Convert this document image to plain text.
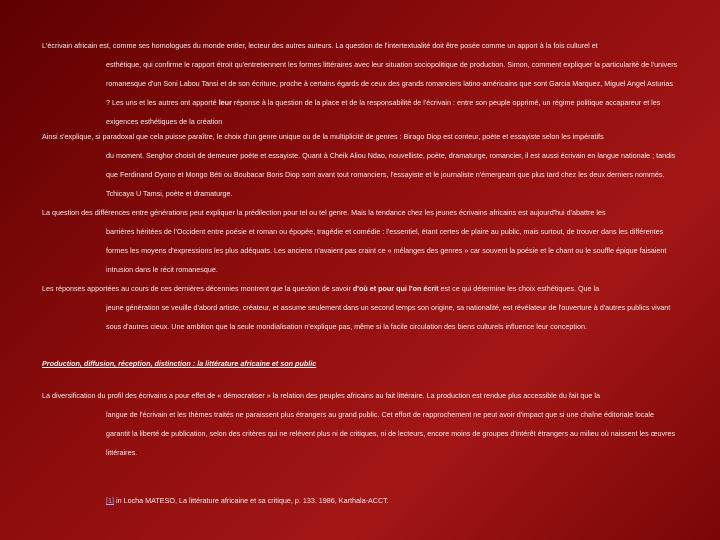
L'écrivain africain est, comme ses homologues du monde entier, lecteur des autres auteurs. La question de l'intertextualité doit être posée comme un apport à la fois culturel et
esthétique, qui confirme le rapport étroit qu'entretiennent les formes littéraires avec leur situation sociopolitique de production. Simon, comment expliquer la particularité de l'univers romanesque d'un Soni Labou Tansi et de son écriture, proche à certains égards de ceux des grands romanciers latino-américains que sont Garcia Marquez, Miguel Angel Asturias ? Les uns et les autres ont apporté leur réponse à la question de la place et de la responsabilité de l'écrivain : entre son peuple opprimé, un régime politique accapareur et les exigences esthétiques de la création

Ainsi s'explique, si paradoxal que cela puisse paraître, le choix d'un genre unique ou de la multiplicité de genres : Birago Diop est conteur, poète et essayiste selon les impératifs
du moment. Senghor choisit de demeurer poète et essayiste. Quant à Cheik Aliou Ndao, nouvelliste, poète, dramaturge, romancier, il est aussi écrivain en langue nationale ; tandis que Ferdinand Oyono et Mongo Béti ou Boubacar Boris Diop sont avant tout romanciers, l'essayiste et le journaliste n'émergeant que plus tard chez les deux derniers nommés. Tchicaya U Tamsi, poète et dramaturge.

La question des différences entre générations peut expliquer la prédilection pour tel ou tel genre. Mais la tendance chez les jeunes écrivains africains est aujourd'hui d'abattre les
barrières héritées de l'Occident entre poésie et roman ou épopée, tragédie et comédie : l'essentiel, étant certes de plaire au public, mais surtout, de trouver dans les différentes formes les moyens d'expressions les plus adéquats. Les anciens n'avaient pas craint ce « mélanges des genres » car souvent la poésie et le chant ou le souffle épique faisaient intrusion dans le récit romanesque.

Les réponses apportées au cours de ces dernières décennies montrent que la question de savoir d'où et pour qui l'on écrit est ce qui détermine les choix esthétiques. Que la
jeune génération se veuille d'abord artiste, créateur, et assume seulement dans un second temps son origine, sa nationalité, est révélateur de l'ouverture à d'autres publics vivant sous d'autres cieux. Une ambition que la seule mondialisation n'explique pas, même si la facile circulation des biens culturels influence leur conception.

Production, diffusion, réception, distinction : la littérature africaine et son public

La diversification du profil des écrivains a pour effet de « démocratiser » la relation des peuples africains au fait littéraire. La production est rendue plus accessible du fait que la
langue de l'écrivain et les thèmes traités ne paraissent plus étrangers au grand public. Cet effort de rapprochement ne peut avoir d'impact que si une chaîne éditoriale locale garantit la liberté de publication, selon des critères qui ne relèvent plus ni de critiques, ni de lecteurs, encore moins de groupes d'intérêt étrangers au milieu où naissent les œuvres littéraires.

[1] in Locha MATESO, La littérature africaine et sa critique, p. 133. 1986, Karthala-ACCT.
